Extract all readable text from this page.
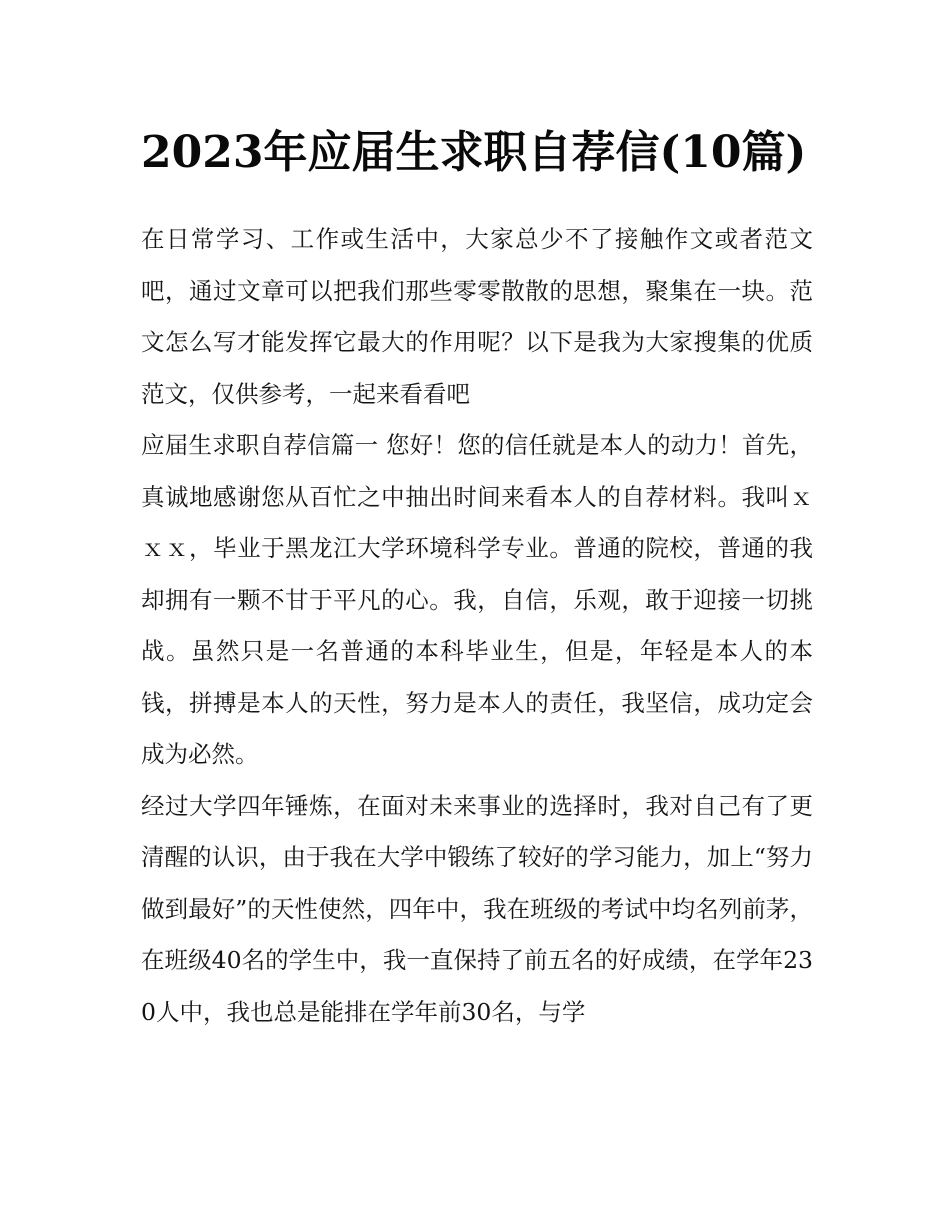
2023年应届生求职自荐信(10篇)

在日常学习、工作或生活中，大家总少不了接触作文或者范文吧，通过文章可以把我们那些零零散散的思想，聚集在一块。范文怎么写才能发挥它最大的作用呢？以下是我为大家搜集的优质范文，仅供参考，一起来看看吧

应届生求职自荐信篇一 您好！您的信任就是本人的动力！首先，真诚地感谢您从百忙之中抽出时间来看本人的自荐材料。我叫ｘｘｘ，毕业于黑龙江大学环境科学专业。普通的院校，普通的我却拥有一颗不甘于平凡的心。我，自信，乐观，敢于迎接一切挑战。虽然只是一名普通的本科毕业生，但是，年轻是本人的本钱，拼搏是本人的天性，努力是本人的责任，我坚信，成功定会成为必然。

经过大学四年锤炼，在面对未来事业的选择时，我对自己有了更清醒的认识，由于我在大学中锻练了较好的学习能力，加上“努力做到最好”的天性使然，四年中，我在班级的考试中均名列前茅，在班级40名的学生中，我一直保持了前五名的好成绩，在学年230人中，我也总是能排在学年前30名，与学
